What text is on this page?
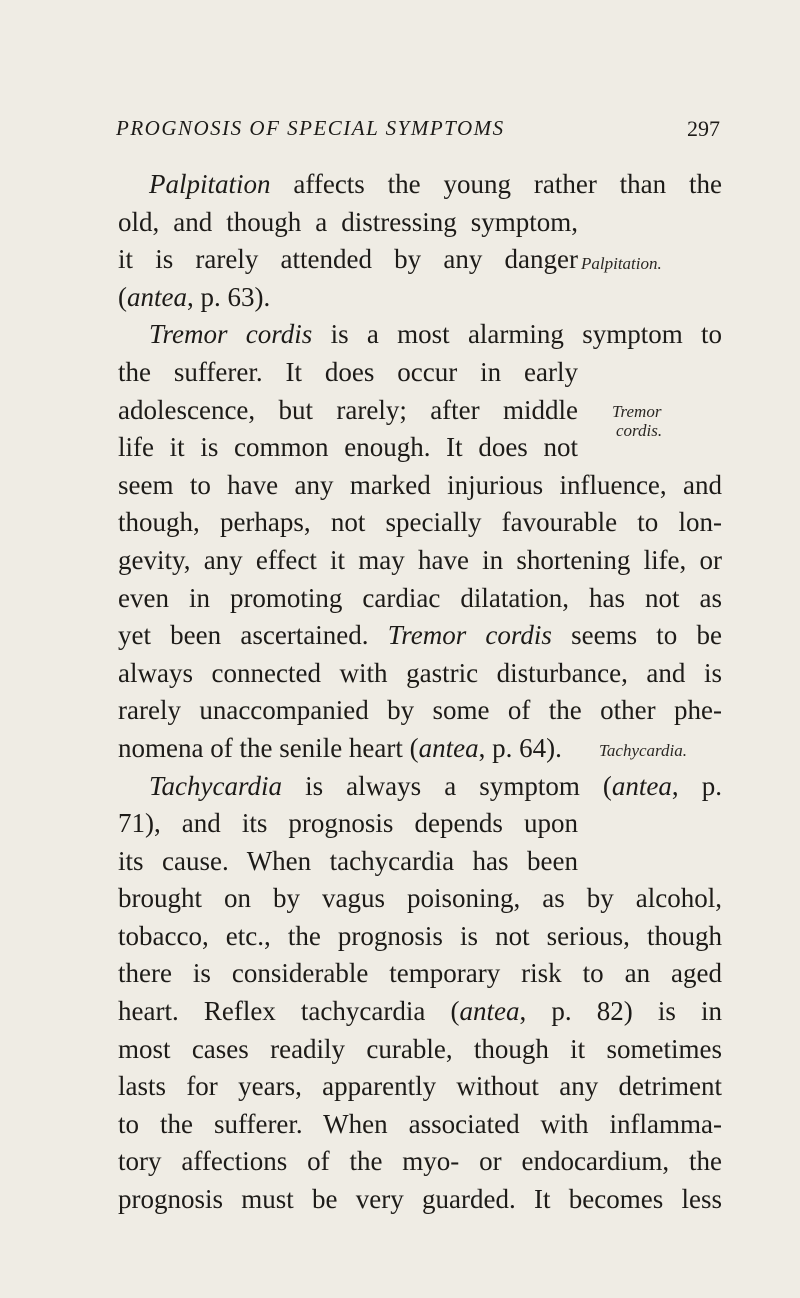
PROGNOSIS OF SPECIAL SYMPTOMS	297
Palpitation.
Tremor
cordis.
Tachycardia.
Palpitation affects the young rather than the
old, and though a distressing symptom,
it is rarely attended by any danger
(antea, p. 63).
Tremor cordis is a most alarming symptom to
the sufferer. It does occur in early
adolescence, but rarely; after middle
life it is common enough. It does not
seem to have any marked injurious influence, and
though, perhaps, not specially favourable to lon-
gevity, any effect it may have in shortening life, or
even in promoting cardiac dilatation, has not as
yet been ascertained. Tremor cordis seems to be
always connected with gastric disturbance, and is
rarely unaccompanied by some of the other phe-
nomena of the senile heart (antea, p. 64).
Tachycardia is always a symptom (antea, p.
71), and its prognosis depends upon
its cause. When tachycardia has been
brought on by vagus poisoning, as by alcohol,
tobacco, etc., the prognosis is not serious, though
there is considerable temporary risk to an aged
heart. Reflex tachycardia (antea, p. 82) is in
most cases readily curable, though it sometimes
lasts for years, apparently without any detriment
to the sufferer. When associated with inflamma-
tory affections of the myo- or endocardium, the
prognosis must be very guarded. It becomes less
